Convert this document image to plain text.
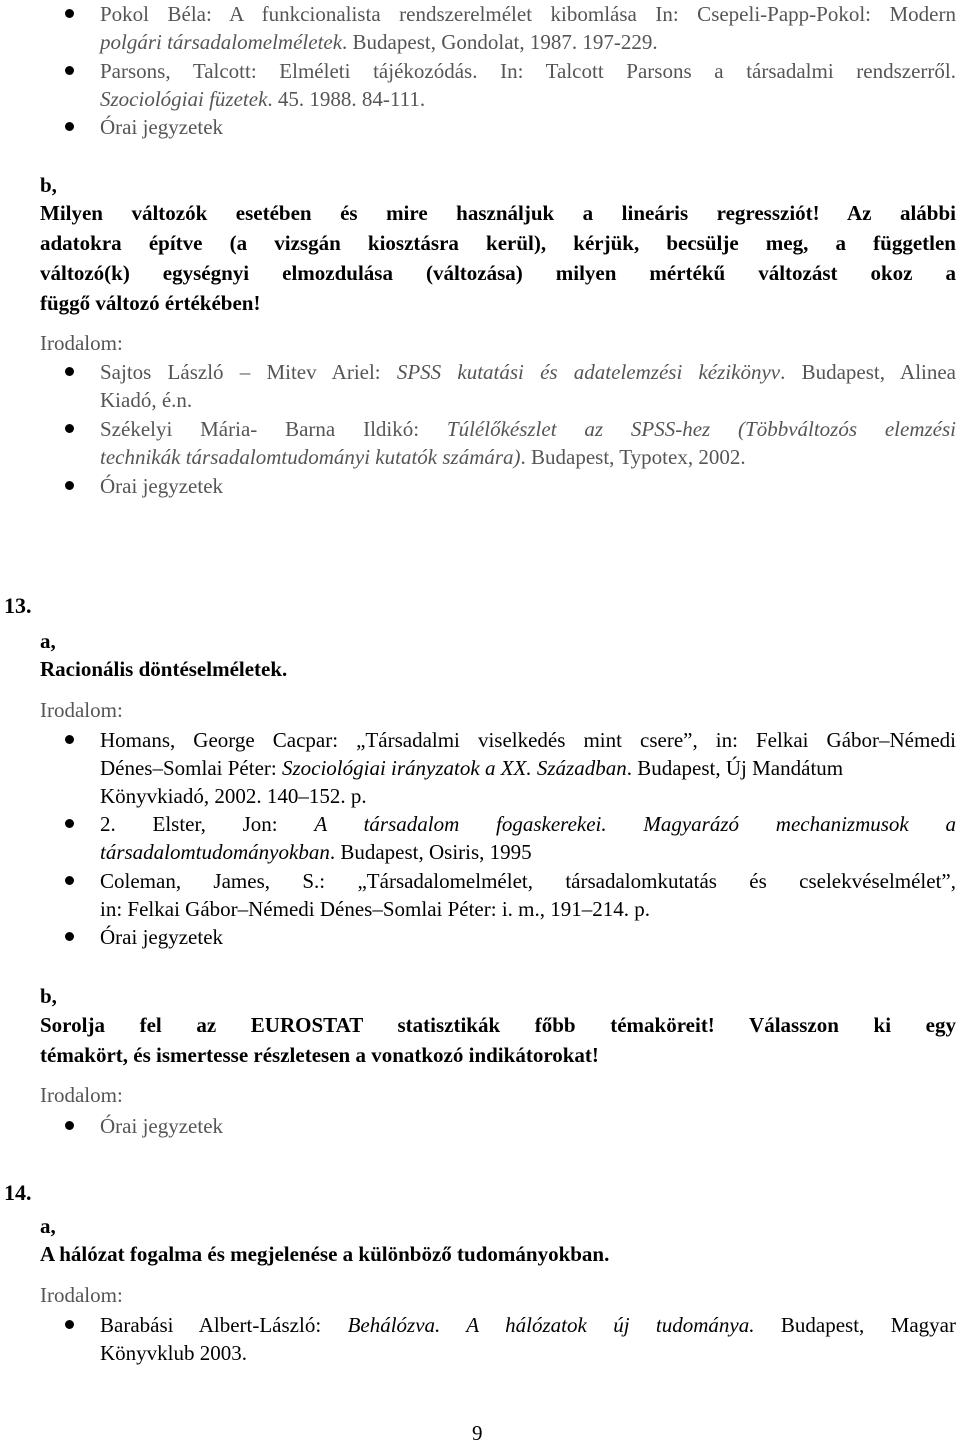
Pokol Béla: A funkcionalista rendszerelmélet kibomlása In: Csepeli-Papp-Pokol: Modern
polgári társadalomelméletek. Budapest, Gondolat, 1987. 197-229.
Parsons, Talcott: Elméleti tájékozódás. In: Talcott Parsons a társadalmi rendszerről.
Szociológiai füzetek. 45. 1988. 84-111.
Órai jegyzetek
b,
Milyen változók esetében és mire használjuk a lineáris regressziót! Az alábbi
adatokra építve (a vizsgán kiosztásra kerül), kérjük, becsülje meg, a független
változó(k) egységnyi elmozdulása (változása) milyen mértékű változást okoz a
függő változó értékében!
Irodalom:
Sajtos László – Mitev Ariel: SPSS kutatási és adatelemzési kézikönyv. Budapest, Alinea
Kiadó, é.n.
Székelyi Mária- Barna Ildikó: Túlélőkészlet az SPSS-hez (Többváltozós elemzési
technikák társadalomtudományi kutatók számára). Budapest, Typotex, 2002.
Órai jegyzetek
13.
a,
Racionális döntéselméletek.
Irodalom:
Homans, George Cacpar: „Társadalmi viselkedés mint csere”, in: Felkai Gábor–Némedi
Dénes–Somlai Péter: Szociológiai irányzatok a XX. Században. Budapest, Új Mandátum
Könyvkiadó, 2002. 140–152. p.
2. Elster, Jon: A társadalom fogaskerekei. Magyarázó mechanizmusok a
társadalomtudományokban. Budapest, Osiris, 1995
Coleman, James, S.: „Társadalomelmélet, társadalomkutatás és cselekvéselmélet”,
in: Felkai Gábor–Némedi Dénes–Somlai Péter: i. m., 191–214. p.
Órai jegyzetek
b,
Sorolja fel az EUROSTAT statisztikák főbb témaköreit! Válasszon ki egy
témakört, és ismertesse részletesen a vonatkozó indikátorokat!
Irodalom:
Órai jegyzetek
14.
a,
A hálózat fogalma és megjelenése a különböző tudományokban.
Irodalom:
Barabási Albert-László: Behálózva. A hálózatok új tudománya. Budapest, Magyar
Könyvklub 2003.
9
